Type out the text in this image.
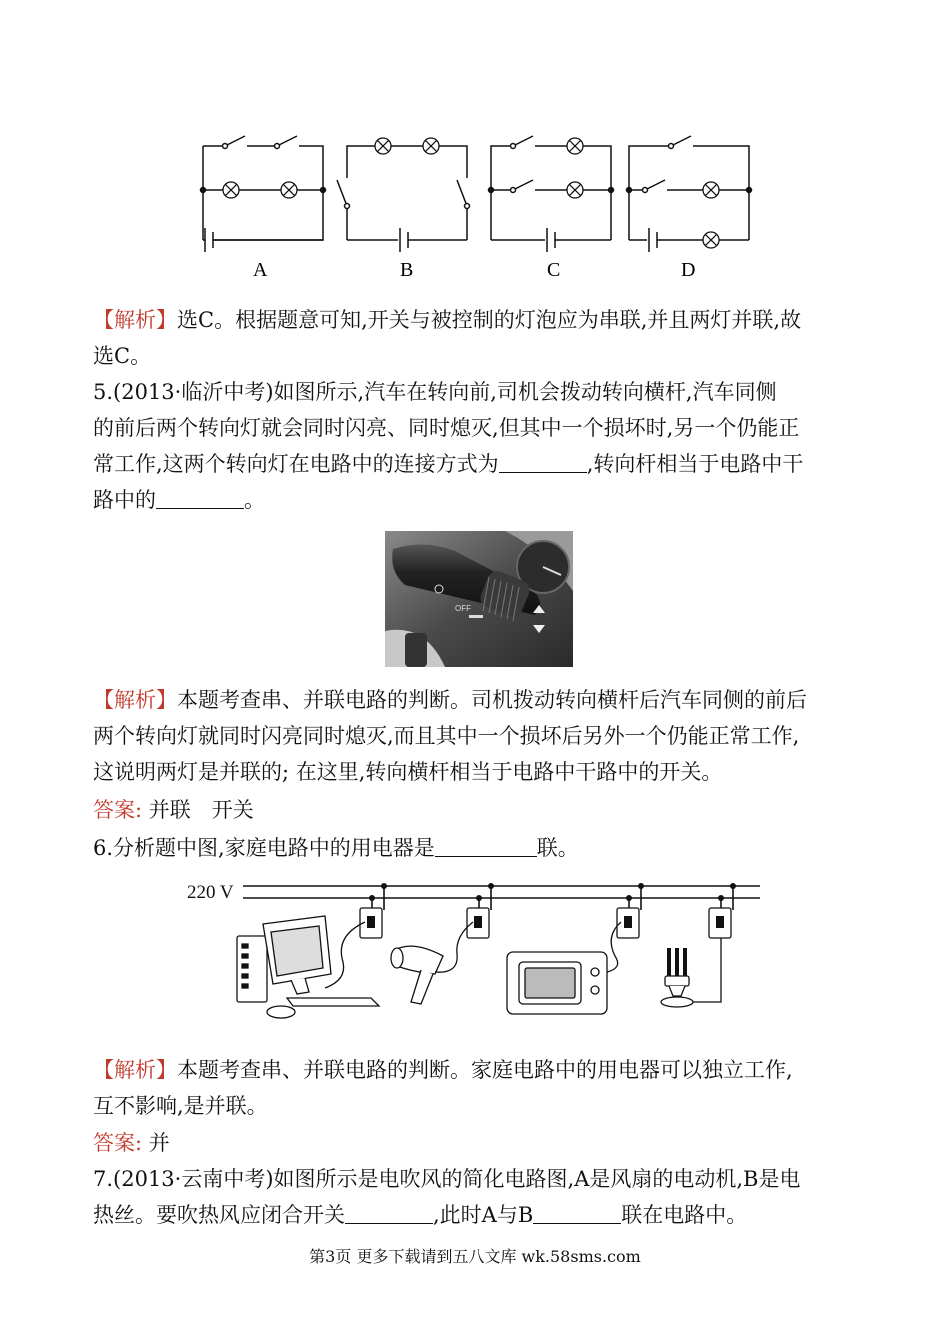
A	B	C	D
【解析】选C。根据题意可知,开关与被控制的灯泡应为串联,并且两灯并联,故
选C。
5.(2013·临沂中考)如图所示,汽车在转向前,司机会拨动转向横杆,汽车同侧
的前后两个转向灯就会同时闪亮、同时熄灭,但其中一个损坏时,另一个仍能正
常工作,这两个转向灯在电路中的连接方式为	,转向杆相当于电路中干
路中的	。
OFF
【解析】本题考查串、并联电路的判断。司机拨动转向横杆后汽车同侧的前后
两个转向灯就同时闪亮同时熄灭,而且其中一个损坏后另外一个仍能正常工作,
这说明两灯是并联的; 在这里,转向横杆相当于电路中干路中的开关。
答案: 并联　开关
6.分析题中图,家庭电路中的用电器是	联。
220 V
【解析】本题考查串、并联电路的判断。家庭电路中的用电器可以独立工作,
互不影响,是并联。
答案: 并
7.(2013·云南中考)如图所示是电吹风的简化电路图,A是风扇的电动机,B是电
热丝。要吹热风应闭合开关	,此时A与B	联在电路中。
第3页 更多下载请到五八文库 wk.58sms.com
